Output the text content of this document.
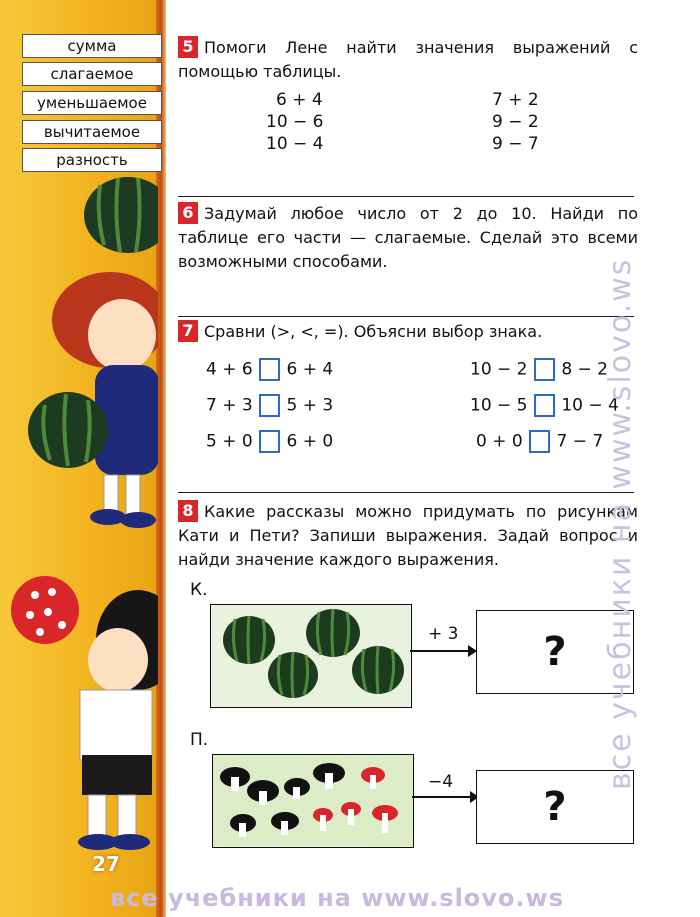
сумма
слагаемое
уменьшаемое
вычитаемое
разность
27

5 Помоги Лене найти значения выражений с помощью таблицы.

6 + 4
10 − 6
10 − 4
7 + 2
9 − 2
9 − 7

6 Задумай любое число от 2 до 10. Найди по таблице его части — слагаемые. Сделай это всеми возможными способами.

7 Сравни (>, <, =). Объясни выбор знака.

4 + 6 6 + 4
7 + 3 5 + 3
5 + 0 6 + 0
10 − 2 8 − 2
10 − 5 10 − 4
0 + 0 7 − 7

8 Какие рассказы можно придумать по рисункам Кати и Пети? Запиши выражения. Задай вопрос и найди значение каждого выражения.

К.
+ 3	?
П.
−4
?
все учебники на www.slovo.ws
все учебники на www.slovo.ws
